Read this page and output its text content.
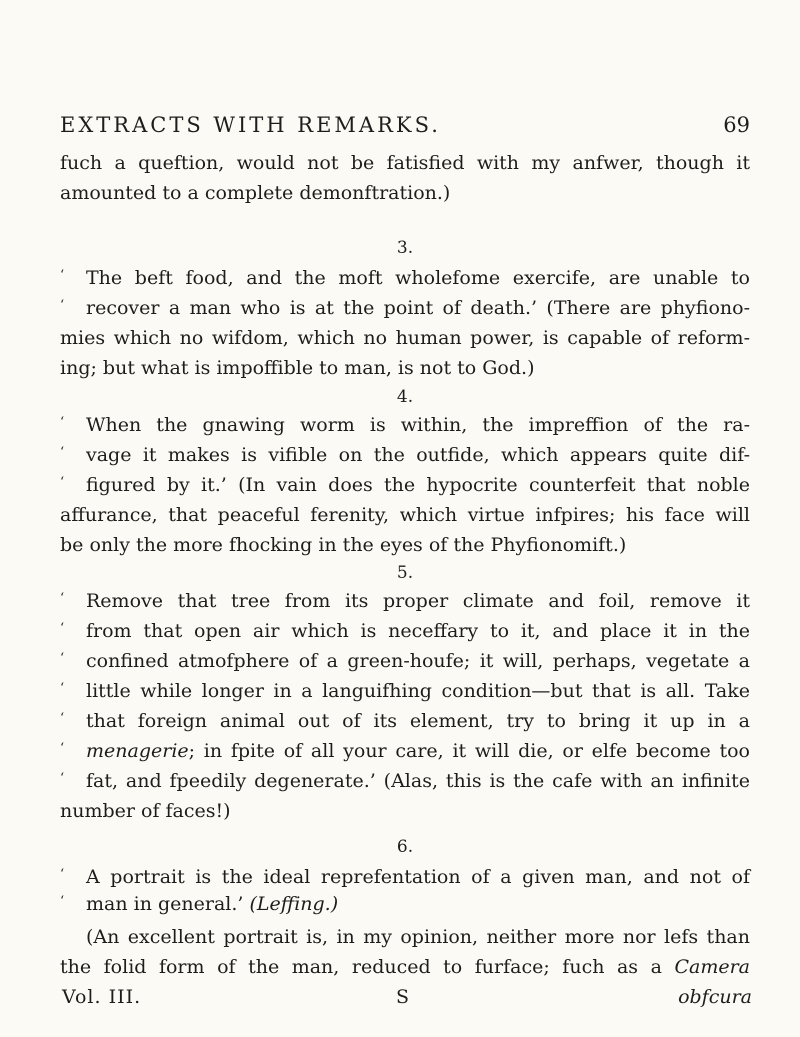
EXTRACTS WITH REMARKS.	69
fuch a queftion, would not be fatisfied with my anfwer, though it
amounted to a complete demonftration.)
3.
‘ The beft food, and the moft wholefome exercife, are unable to
‘ recover a man who is at the point of death.’ (There are phyfiono-
mies which no wifdom, which no human power, is capable of reform-
ing; but what is impoffible to man, is not to God.)
4.
‘ When the gnawing worm is within, the impreffion of the ra-
‘ vage it makes is vifible on the outfide, which appears quite dif-
‘ figured by it.’ (In vain does the hypocrite counterfeit that noble
affurance, that peaceful ferenity, which virtue infpires; his face will
be only the more fhocking in the eyes of the Phyfionomift.)
5.
‘ Remove that tree from its proper climate and foil, remove it
‘ from that open air which is neceffary to it, and place it in the
‘ confined atmofphere of a green-houfe; it will, perhaps, vegetate a
‘ little while longer in a languifhing condition—but that is all. Take
‘ that foreign animal out of its element, try to bring it up in a
‘ menagerie; in fpite of all your care, it will die, or elfe become too
‘ fat, and fpeedily degenerate.’ (Alas, this is the cafe with an infinite
number of faces!)
6.
‘ A portrait is the ideal reprefentation of a given man, and not of
‘ man in general.’ (Leffing.)
(An excellent portrait is, in my opinion, neither more nor lefs than
the folid form of the man, reduced to furface; fuch as a Camera
Vol. III.	S	obfcura
